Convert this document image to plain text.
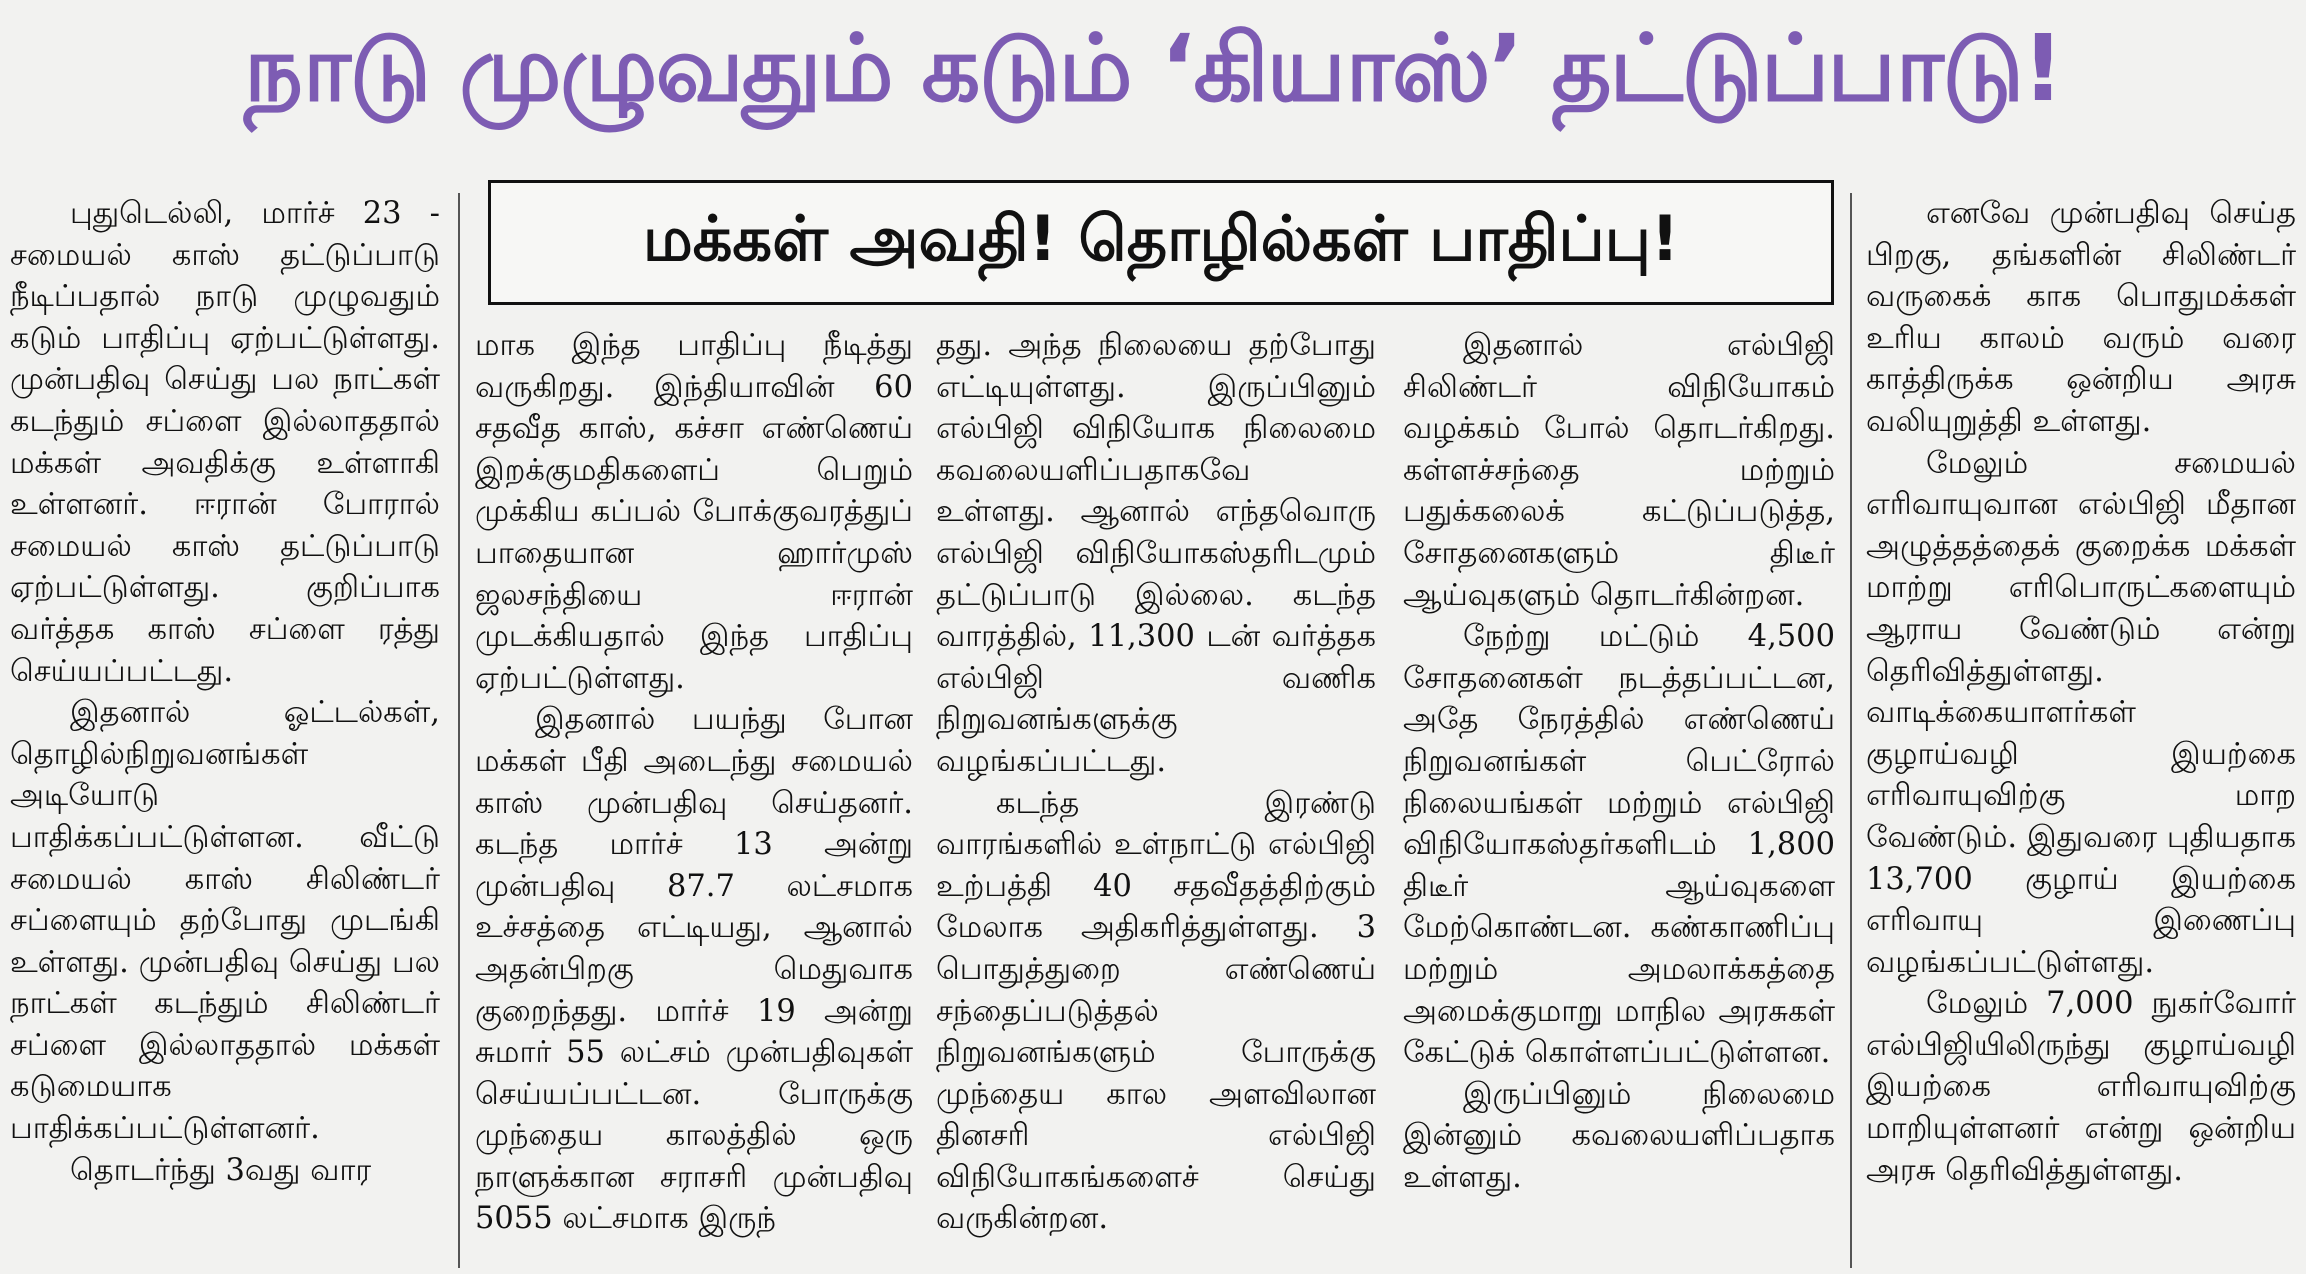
நாடு முழுவதும் கடும் ‘கியாஸ்’ தட்டுப்பாடு!
மக்கள் அவதி! தொழில்கள் பாதிப்பு!

புதுடெல்லி, மார்ச் 23 - சமையல் காஸ் தட்டுப்பாடு நீடிப்பதால் நாடு முழுவதும் கடும் பாதிப்பு ஏற்பட்டுள்ளது. முன்பதிவு செய்து பல நாட்கள் கடந்தும் சப்ளை இல்லாததால் மக்கள் அவதிக்கு உள்ளாகி உள்ளனர். ஈரான் போரால் சமையல் காஸ் தட்டுப்பாடு ஏற்பட்டுள்ளது. குறிப்பாக வர்த்தக காஸ் சப்ளை ரத்து செய்யப்பட்டது.

இதனால் ஓட்டல்கள், தொழில்நிறுவனங்கள் அடியோடு பாதிக்கப்பட்டுள்ளன. வீட்டு சமையல் காஸ் சிலிண்டர் சப்ளையும் தற்போது முடங்கி உள்ளது. முன்பதிவு செய்து பல நாட்கள் கடந்தும் சிலிண்டர் சப்ளை இல்லாததால் மக்கள் கடுமையாக பாதிக்கப்பட்டுள்ளனர்.

தொடர்ந்து 3வது வார

மாக இந்த பாதிப்பு நீடித்து வருகிறது. இந்தியாவின் 60 சதவீத காஸ், கச்சா எண்ணெய் இறக்குமதிகளைப் பெறும் முக்கிய கப்பல் போக்குவரத்துப் பாதையான ஹார்முஸ் ஜலசந்தியை ஈரான் முடக்கியதால் இந்த பாதிப்பு ஏற்பட்டுள்ளது.

இதனால் பயந்து போன மக்கள் பீதி அடைந்து சமையல் காஸ் முன்பதிவு செய்தனர். கடந்த மார்ச் 13 அன்று முன்பதிவு 87.7 லட்சமாக உச்சத்தை எட்டியது, ஆனால் அதன்பிறகு மெதுவாக குறைந்தது. மார்ச் 19 அன்று சுமார் 55 லட்சம் முன்பதிவுகள் செய்யப்பட்டன. போருக்கு முந்தைய காலத்தில் ஒரு நாளுக்கான சராசரி முன்பதிவு 5055 லட்சமாக இருந்

தது. அந்த நிலையை தற்போது எட்டியுள்ளது. இருப்பினும் எல்பிஜி விநியோக நிலைமை கவலையளிப்பதாகவே உள்ளது. ஆனால் எந்தவொரு எல்பிஜி விநியோகஸ்தரிடமும் தட்டுப்பாடு இல்லை. கடந்த வாரத்தில், 11,300 டன் வர்த்தக எல்பிஜி வணிக நிறுவனங்களுக்கு வழங்கப்பட்டது.

கடந்த இரண்டு வாரங்களில் உள்நாட்டு எல்பிஜி உற்பத்தி 40 சதவீதத்திற்கும் மேலாக அதிகரித்துள்ளது. 3 பொதுத்துறை எண்ணெய் சந்தைப்படுத்தல் நிறுவனங்களும் போருக்கு முந்தைய கால அளவிலான தினசரி எல்பிஜி விநியோகங்களைச் செய்து வருகின்றன.

இதனால் எல்பிஜி சிலிண்டர் விநியோகம் வழக்கம் போல் தொடர்கிறது. கள்ளச்சந்தை மற்றும் பதுக்கலைக் கட்டுப்படுத்த, சோதனைகளும் திடீர் ஆய்வுகளும் தொடர்கின்றன.

நேற்று மட்டும் 4,500 சோதனைகள் நடத்தப்பட்டன, அதே நேரத்தில் எண்ணெய் நிறுவனங்கள் பெட்ரோல் நிலையங்கள் மற்றும் எல்பிஜி விநியோகஸ்தர்களிடம் 1,800 திடீர் ஆய்வுகளை மேற்கொண்டன. கண்காணிப்பு மற்றும் அமலாக்கத்தை அமைக்குமாறு மாநில அரசுகள் கேட்டுக் கொள்ளப்பட்டுள்ளன.

இருப்பினும் நிலைமை இன்னும் கவலையளிப்பதாக உள்ளது.

எனவே முன்பதிவு செய்த பிறகு, தங்களின் சிலிண்டர் வருகைக் காக பொதுமக்கள் உரிய காலம் வரும் வரை காத்திருக்க ஒன்றிய அரசு வலியுறுத்தி உள்ளது.

மேலும் சமையல் எரிவாயுவான எல்பிஜி மீதான அழுத்தத்தைக் குறைக்க மக்கள் மாற்று எரிபொருட்களையும் ஆராய வேண்டும் என்று தெரிவித்துள்ளது. வாடிக்கையாளர்கள் குழாய்வழி இயற்கை எரிவாயுவிற்கு மாற வேண்டும். இதுவரை புதியதாக 13,700 குழாய் இயற்கை எரிவாயு இணைப்பு வழங்கப்பட்டுள்ளது.

மேலும் 7,000 நுகர்வோர் எல்பிஜியிலிருந்து குழாய்வழி இயற்கை எரிவாயுவிற்கு மாறியுள்ளனர் என்று ஒன்றிய அரசு தெரிவித்துள்ளது.
